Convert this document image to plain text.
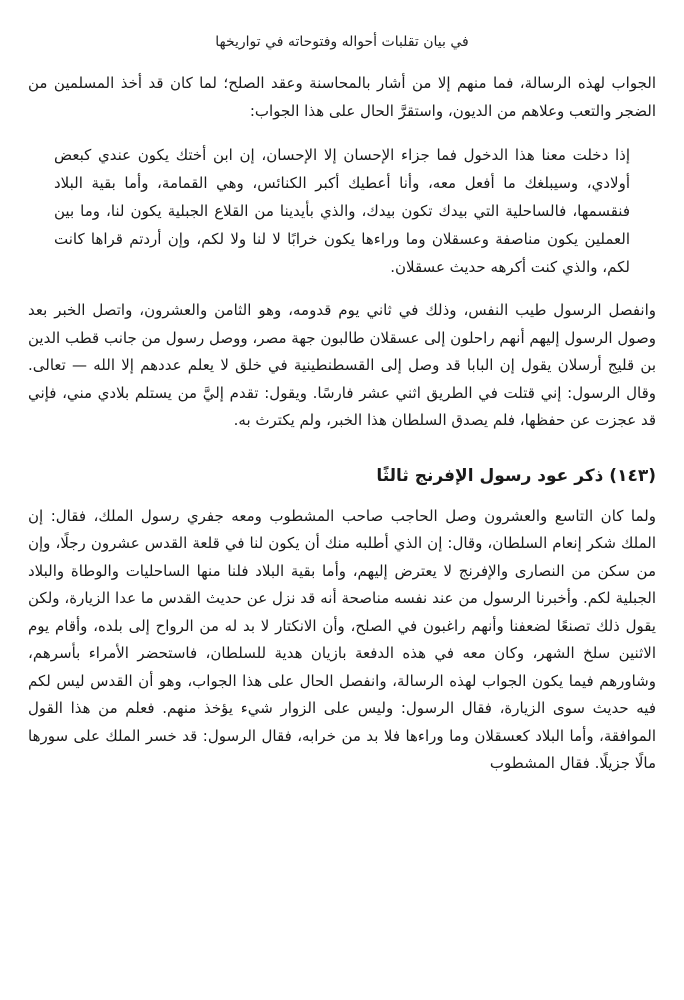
في بيان تقلبات أحواله وفتوحاته في تواريخها

الجواب لهذه الرسالة، فما منهم إلا من أشار بالمحاسنة وعقد الصلح؛ لما كان قد أخذ المسلمين من الضجر والتعب وعلاهم من الديون، واستقرَّ الحال على هذا الجواب:

إذا دخلت معنا هذا الدخول فما جزاء الإحسان إلا الإحسان، إن ابن أختك يكون عندي كبعض أولادي، وسيبلغك ما أفعل معه، وأنا أعطيك أكبر الكنائس، وهي القمامة، وأما بقية البلاد فنقسمها، فالساحلية التي بيدك تكون بيدك، والذي بأيدينا من القلاع الجبلية يكون لنا، وما بين العملين يكون مناصفة وعسقلان وما وراءها يكون خرابًا لا لنا ولا لكم، وإن أردتم قراها كانت لكم، والذي كنت أكرهه حديث عسقلان.

وانفصل الرسول طيب النفس، وذلك في ثاني يوم قدومه، وهو الثامن والعشرون، واتصل الخبر بعد وصول الرسول إليهم أنهم راحلون إلى عسقلان طالبون جهة مصر، ووصل رسول من جانب قطب الدين بن قليج أرسلان يقول إن البابا قد وصل إلى القسطنطينية في خلق لا يعلم عددهم إلا الله — تعالى. وقال الرسول: إني قتلت في الطريق اثني عشر فارسًا. ويقول: تقدم إليَّ من يستلم بلادي مني، فإني قد عجزت عن حفظها، فلم يصدق السلطان هذا الخبر، ولم يكترث به.

(١٤٣) ذكر عود رسول الإفرنج ثالثًا

ولما كان التاسع والعشرون وصل الحاجب صاحب المشطوب ومعه جفري رسول الملك، فقال: إن الملك شكر إنعام السلطان، وقال: إن الذي أطلبه منك أن يكون لنا في قلعة القدس عشرون رجلًا، وإن من سكن من النصارى والإفرنج لا يعترض إليهم، وأما بقية البلاد فلنا منها الساحليات والوطاة والبلاد الجبلية لكم. وأخبرنا الرسول من عند نفسه مناصحة أنه قد نزل عن حديث القدس ما عدا الزيارة، ولكن يقول ذلك تصنعًا لضعفنا وأنهم راغبون في الصلح، وأن الانكتار لا بد له من الرواح إلى بلده، وأقام يوم الاثنين سلخ الشهر، وكان معه في هذه الدفعة بازيان هدية للسلطان، فاستحضر الأمراء بأسرهم، وشاورهم فيما يكون الجواب لهذه الرسالة، وانفصل الحال على هذا الجواب، وهو أن القدس ليس لكم فيه حديث سوى الزيارة، فقال الرسول: وليس على الزوار شيء يؤخذ منهم. فعلم من هذا القول الموافقة، وأما البلاد كعسقلان وما وراءها فلا بد من خرابه، فقال الرسول: قد خسر الملك على سورها مالًا جزيلًا. فقال المشطوب
